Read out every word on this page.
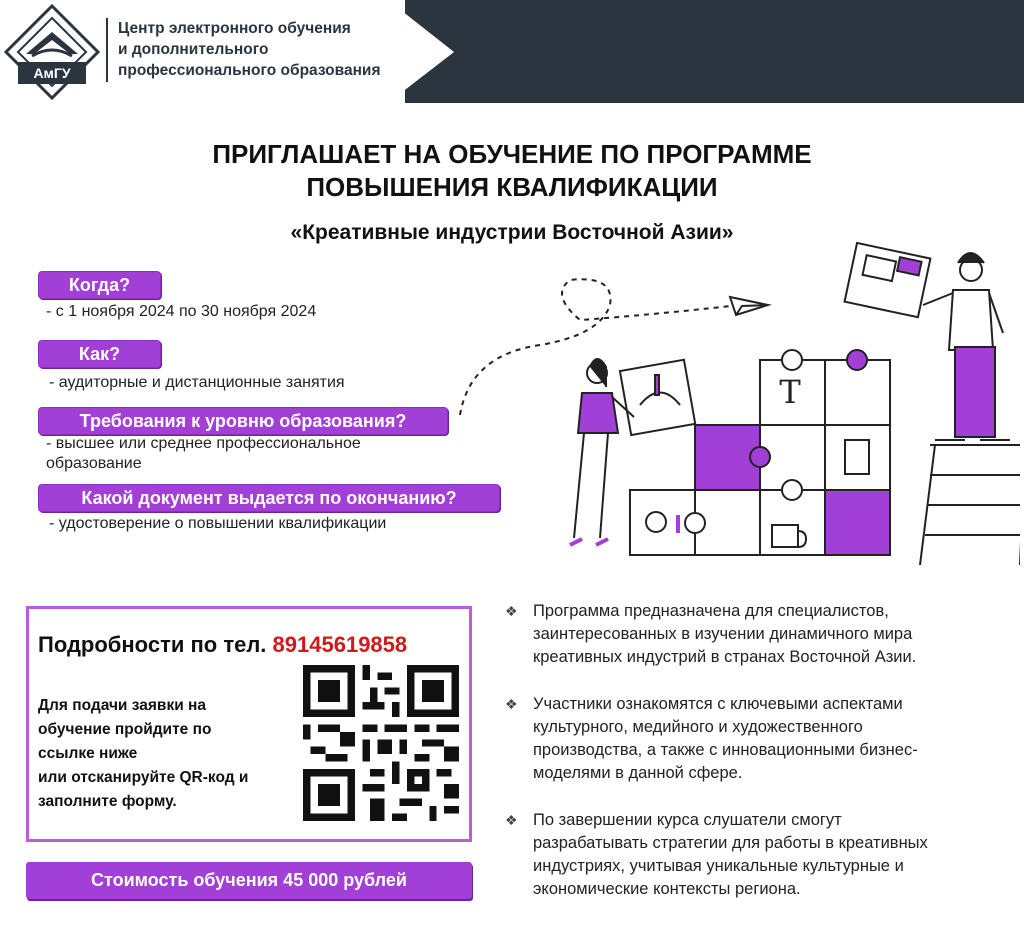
АмГУ
Центр электронного обучения
и дополнительного
профессионального образования
ПРИГЛАШАЕТ НА ОБУЧЕНИЕ ПО ПРОГРАММЕ
ПОВЫШЕНИЯ КВАЛИФИКАЦИИ
«Креативные индустрии Восточной Азии»
Когда?
- с 1 ноября 2024 по 30 ноября 2024
Как?
- аудиторные и дистанционные занятия
Требования к уровню образования?
- высшее или среднее профессиональное
образование
Какой документ выдается по окончанию?
- удостоверение о повышении квалификации
T
Подробности по тел. 89145619858
Для подачи заявки на
обучение пройдите по
ссылке ниже
или отсканируйте QR-код и
заполните форму.
Стоимость обучения 45 000 рублей
❖ Программа предназначена для специалистов,
заинтересованных в изучении динамичного мира
креативных индустрий в странах Восточной Азии.
❖ Участники ознакомятся с ключевыми аспектами
культурного, медийного и художественного
производства, а также с инновационными бизнес-
моделями в данной сфере.
❖ По завершении курса слушатели смогут
разрабатывать стратегии для работы в креативных
индустриях, учитывая уникальные культурные и
экономические контексты региона.
